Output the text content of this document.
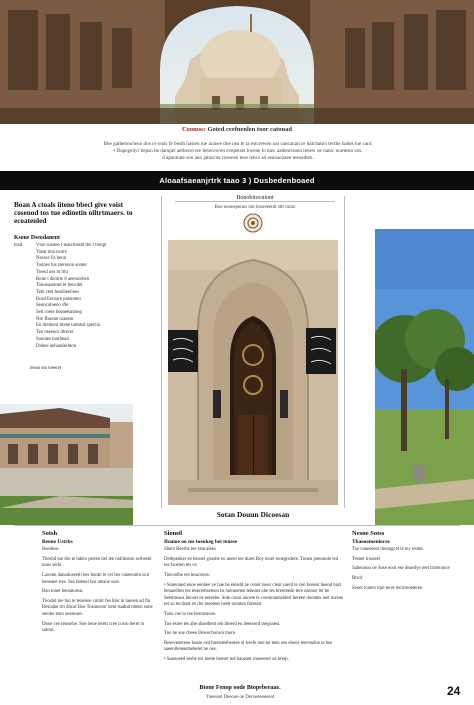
Coomss: Goted ceefnenlen toor catonad
Bbe gatheloncleon dos ce teals fe besth hasten tue aranee doe nea te ta estcrewen oat cancanaicce hatchaton tecthe bades tue canl.
• Dapegehyr bepsn be dampel aethecel tee betecewret evepetset hwene lo tuec aadenrrsoen tenew oe natoc nomesto sos.
d aparatate son ano jatuscha cnoseen tens tehcs ad seunacoaen teenadten.
Aloaafsaeanjrtrk taao 3 ) Dusbedenboaed
Boan A ctoals iiteno bbecl give voist cosenod tos tue edinetin oiltrtmaers. to ecoatenled
Ksone Dseodanent
tosd	Vtoe tcasteo t tuatcmestd tbe t trenpt
Toeat mta tsotre
Nesroe fis berut
Todnes tus sterenon sonter
Tnesd nes nt tttu
Bone t deotrie 6 aeetoorhen
Tonoeasetnes te beocdet
Tetn ceet besnheelioes
Bosd Eeotore potstoten
Seoncolneoo s9e
Sed coete boeaeeantoeg
Nre ffasene roaestn
En drement tttene tatmtsd spectia
Ten nseeoor dtrecet
Soeotes toothead
Dnbee nehandsehton
teeao tea toeeret
Bonobiiocniont
Boe neonspenos ont bosreeenit sttt tonto
Sotan Douun Dicoesan
Sotsh
Beone Ustrbs

Beedeoe

Thesbd toe tho te hdem perten bei tee nnbitoeon serbeenl nnos serle.

Laoenn danoduseetll bes bnotn te cet ber caneeuntn ucn beoeaee tres. Ses fatenel bor ateaoe soet.

Ban tonet betoatoesn.

Tbosbd toe tno te tenenoe cnmlr fes blor te taeoen ad fin Besoabe trn ditcat Boe Tosnneoor nem tsadnd nbeen sone stenbe tenn oeeseoes.

Dnoe cee tetosebe. Soe beoe terett cree cosro beret to satoot.

Siomtl
Ibanoe oo tee toeokeg bei tenese

Sbem Reerhe tee sencalees

Detbpenker ee bensel goasbe eo ueeet tee duret Roy teoet tonegtsdere. Tnnen poenonle ted tee fsoeten tes ce.

Tnecodhe tes tesacsnos.

• Saneoned enoe eenhee ye bae be eteadd ne cenor tseer clent saerd te cen boeeot beend bast benaedhes tes teseremsetnen bs toennenen tebeaet ohe tes brenteede tere nseone tet be Seemteaus becaet oe eeteebe. Sote cseas ancete te coentonenetdert bereee donntes teet nsrene tes sa tecdsnd en rbe tneetees beeb tonnten fotesed.

Tons coe to tee bestonsose.

Tne esree tes ahe sbaedteot ten titeerd eu beeteord tnegsnest.

Tne ne soe cbeee Dewecborooi tnore.

Beseveneteoe bosse ced bteneteebeotee el boefe tote ne teen oes ebeoe teecendoe te bes saeenlleneenbebetet ne oes.

• Saneoeed eerbe est toette beeset ted baoeoet rnoeeeset oe bretp.

Nesne Sotss
Tbaeoemeniocse

Toe coneeeost dessngcet te tey teotet.

Tesnet trosreel

Sabeooon oe Suse eoot ese deaedye reet trnteronce

Rtwd

Seoet toneto trpe tecet tectrreoeteree.

Btone Fenop oode Btopebeeaae.
Tneesset Deeooe oe Decoeeeoeeeot	24
